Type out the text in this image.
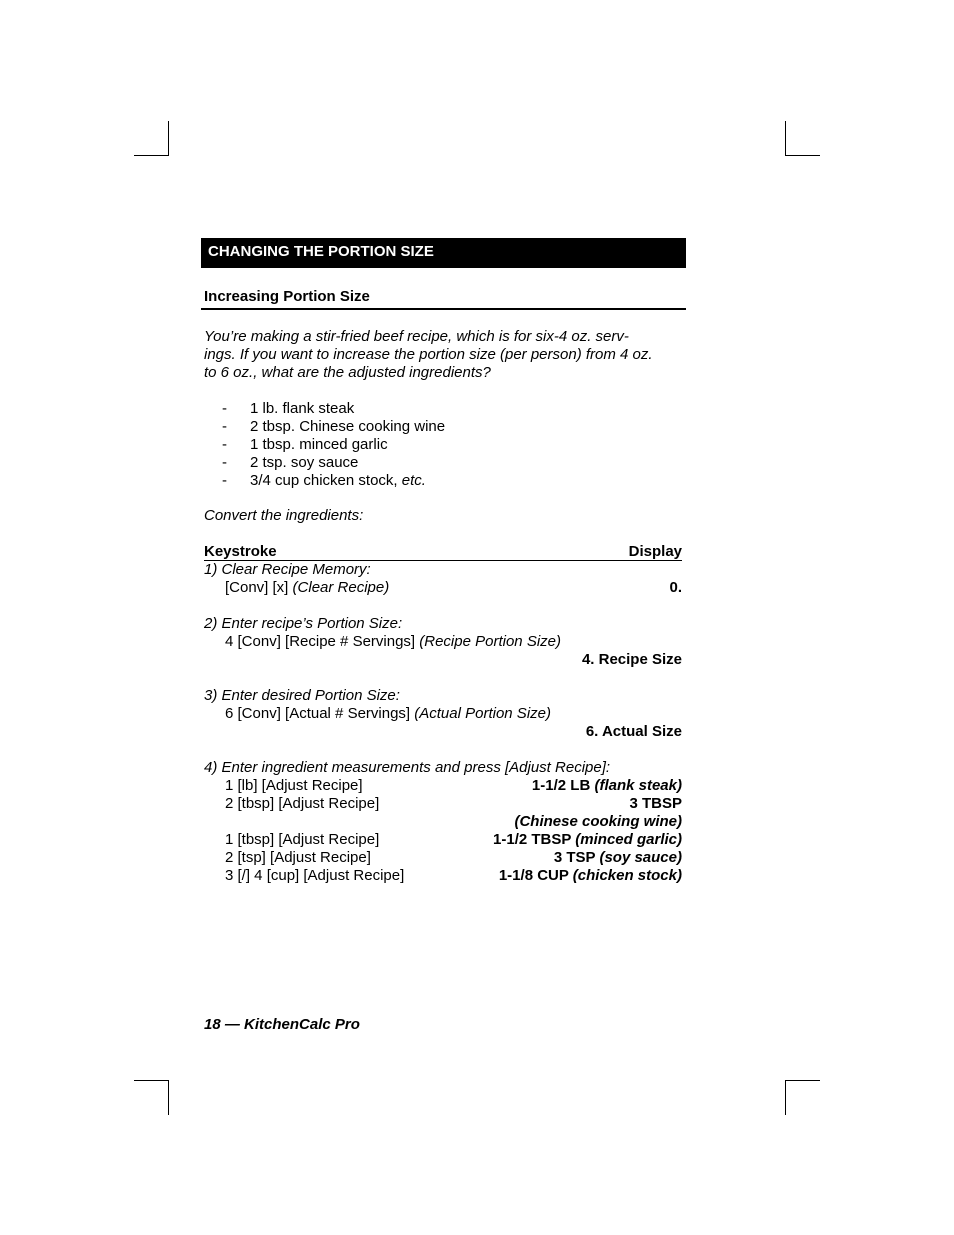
CHANGING THE PORTION SIZE
Increasing Portion Size
You’re making a stir-fried beef recipe, which is for six-4 oz. serv-
ings. If you want to increase the portion size (per person) from 4 oz.
to 6 oz., what are the adjusted ingredients?
- 1 lb. flank steak
- 2 tbsp. Chinese cooking wine
- 1 tbsp. minced garlic
- 2 tsp. soy sauce
- 3/4 cup chicken stock, etc.
Convert the ingredients:
Keystroke	Display
1) Clear Recipe Memory:
[Conv] [x] (Clear Recipe)	0.
2) Enter recipe’s Portion Size:
4 [Conv] [Recipe # Servings] (Recipe Portion Size)
4. Recipe Size
3) Enter desired Portion Size:
6 [Conv] [Actual # Servings] (Actual Portion Size)
6. Actual Size
4) Enter ingredient measurements and press [Adjust Recipe]:
1 [lb] [Adjust Recipe]	1-1/2 LB (flank steak)
2 [tbsp] [Adjust Recipe]	3 TBSP
(Chinese cooking wine)
1 [tbsp] [Adjust Recipe]	1-1/2 TBSP (minced garlic)
2 [tsp] [Adjust Recipe]	3 TSP (soy sauce)
3 [/] 4 [cup] [Adjust Recipe]	1-1/8 CUP (chicken stock)
18 — KitchenCalc Pro
